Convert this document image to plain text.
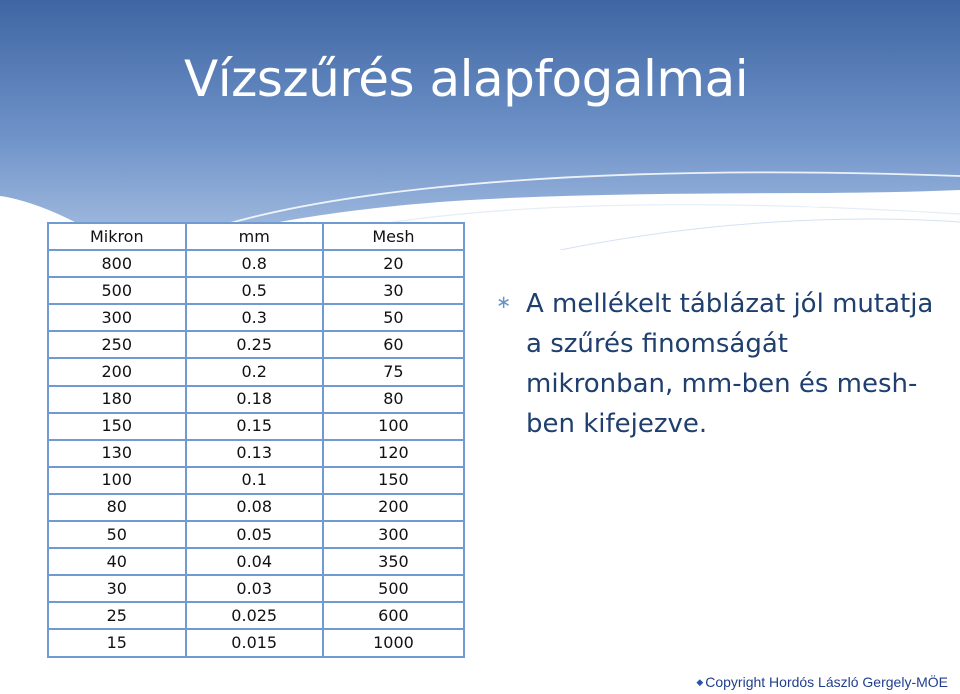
Vízszűrés alapfogalmai
Mikron	mm	Mesh
800	0.8	20
500	0.5	30
300	0.3	50
250	0.25	60
200	0.2	75
180	0.18	80
150	0.15	100
130	0.13	120
100	0.1	150
80	0.08	200
50	0.05	300
40	0.04	350
30	0.03	500
25	0.025	600
15	0.015	1000
∗ A mellékelt táblázat jól mutatja a szűrés finomságát mikronban, mm-ben és mesh-ben kifejezve.

◆ Copyright Hordós László Gergely-MÖE
